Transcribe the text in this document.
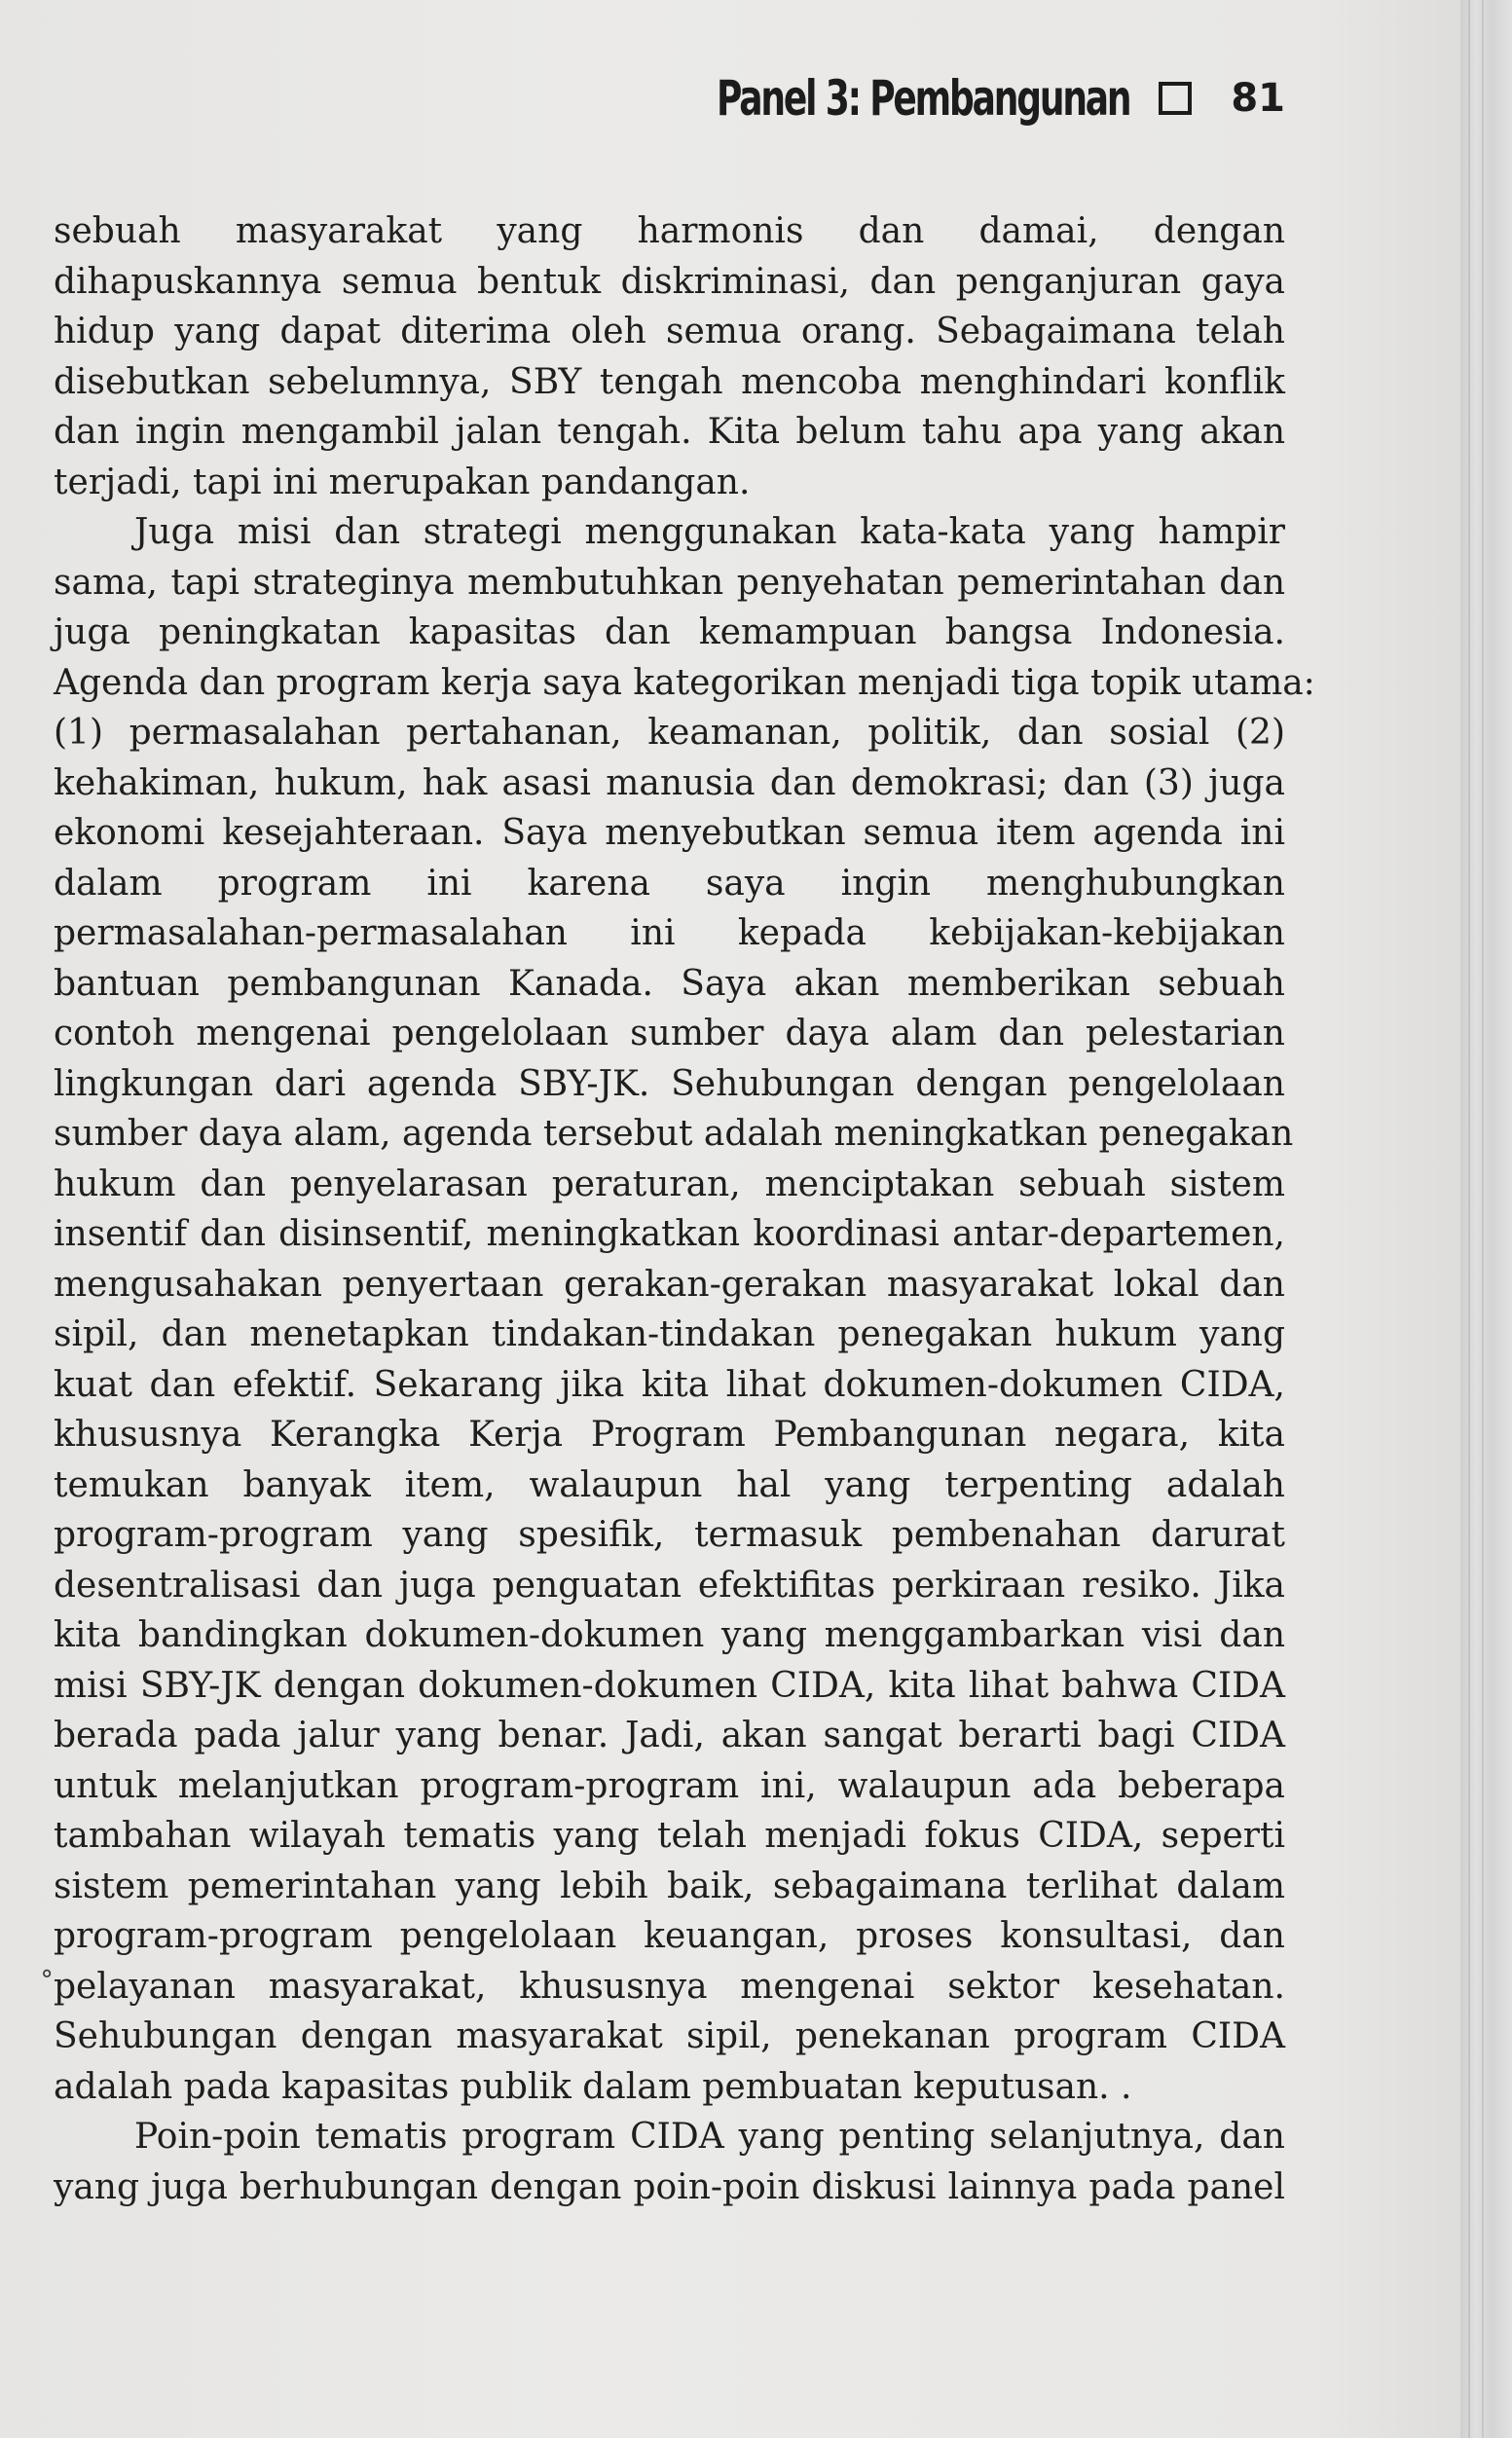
Panel 3: Pembangunan	81
sebuah masyarakat yang harmonis dan damai, dengan
dihapuskannya semua bentuk diskriminasi, dan penganjuran gaya
hidup yang dapat diterima oleh semua orang. Sebagaimana telah
disebutkan sebelumnya, SBY tengah mencoba menghindari konflik
dan ingin mengambil jalan tengah. Kita belum tahu apa yang akan
terjadi, tapi ini merupakan pandangan.
Juga misi dan strategi menggunakan kata-kata yang hampir
sama, tapi strateginya membutuhkan penyehatan pemerintahan dan
juga peningkatan kapasitas dan kemampuan bangsa Indonesia.
Agenda dan program kerja saya kategorikan menjadi tiga topik utama:
(1) permasalahan pertahanan, keamanan, politik, dan sosial (2)
kehakiman, hukum, hak asasi manusia dan demokrasi; dan (3) juga
ekonomi kesejahteraan. Saya menyebutkan semua item agenda ini
dalam program ini karena saya ingin menghubungkan
permasalahan-permasalahan ini kepada kebijakan-kebijakan
bantuan pembangunan Kanada. Saya akan memberikan sebuah
contoh mengenai pengelolaan sumber daya alam dan pelestarian
lingkungan dari agenda SBY-JK. Sehubungan dengan pengelolaan
sumber daya alam, agenda tersebut adalah meningkatkan penegakan
hukum dan penyelarasan peraturan, menciptakan sebuah sistem
insentif dan disinsentif, meningkatkan koordinasi antar-departemen,
mengusahakan penyertaan gerakan-gerakan masyarakat lokal dan
sipil, dan menetapkan tindakan-tindakan penegakan hukum yang
kuat dan efektif. Sekarang jika kita lihat dokumen-dokumen CIDA,
khususnya Kerangka Kerja Program Pembangunan negara, kita
temukan banyak item, walaupun hal yang terpenting adalah
program-program yang spesifik, termasuk pembenahan darurat
desentralisasi dan juga penguatan efektifitas perkiraan resiko. Jika
kita bandingkan dokumen-dokumen yang menggambarkan visi dan
misi SBY-JK dengan dokumen-dokumen CIDA, kita lihat bahwa CIDA
berada pada jalur yang benar. Jadi, akan sangat berarti bagi CIDA
untuk melanjutkan program-program ini, walaupun ada beberapa
tambahan wilayah tematis yang telah menjadi fokus CIDA, seperti
sistem pemerintahan yang lebih baik, sebagaimana terlihat dalam
program-program pengelolaan keuangan, proses konsultasi, dan
pelayanan masyarakat, khususnya mengenai sektor kesehatan.
Sehubungan dengan masyarakat sipil, penekanan program CIDA
adalah pada kapasitas publik dalam pembuatan keputusan. .
Poin-poin tematis program CIDA yang penting selanjutnya, dan
yang juga berhubungan dengan poin-poin diskusi lainnya pada panel
∘
